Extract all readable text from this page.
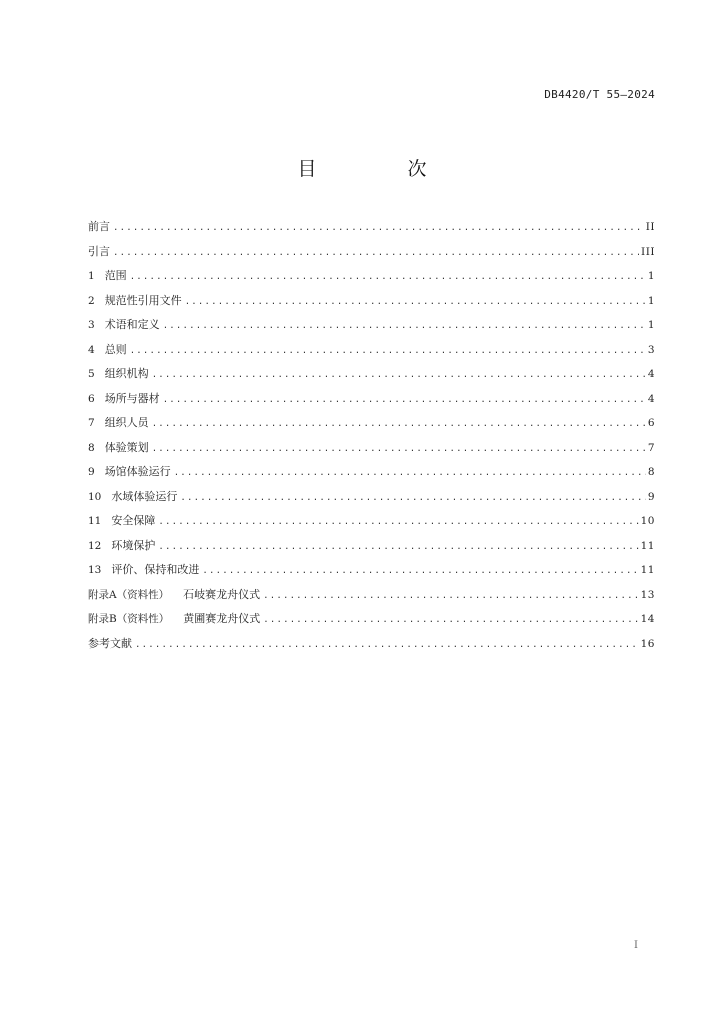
DB4420/T 55—2024
目　次
前言 .....	II
引言 .....	III
1 范围 .....	1
2 规范性引用文件 .....	1
3 术语和定义 .....	1
4 总则 .....	3
5 组织机构 .....	4
6 场所与器材 .....	4
7 组织人员 .....	6
8 体验策划 .....	7
9 场馆体验运行 .....	8
10 水域体验运行 .....	9
11 安全保障 .....	10
12 环境保护 .....	11
13 评价、保持和改进 .....	11
附录A（资料性） 石岐赛龙舟仪式 .....	13
附录B（资料性） 黄圃赛龙舟仪式 .....	14
参考文献 .....	16
I
